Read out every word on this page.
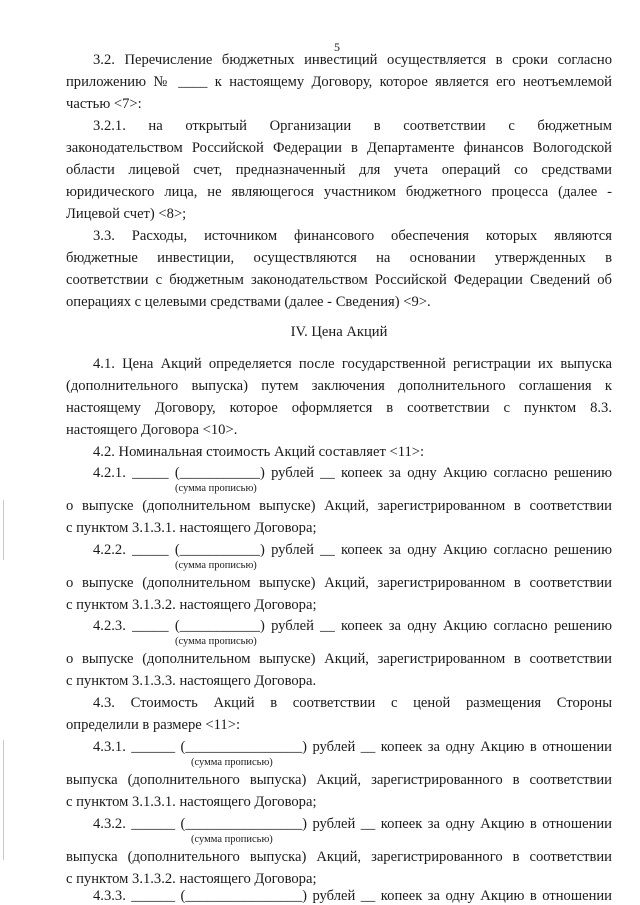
5
3.2. Перечисление бюджетных инвестиций осуществляется в сроки согласно
приложению № ____ к настоящему Договору, которое является его неотъемлемой
частью <7>:
3.2.1. на открытый Организации в соответствии с бюджетным
законодательством Российской Федерации в Департаменте финансов Вологодской
области лицевой счет, предназначенный для учета операций со средствами
юридического лица, не являющегося участником бюджетного процесса (далее -
Лицевой счет) <8>;
3.3. Расходы, источником финансового обеспечения которых являются
бюджетные инвестиции, осуществляются на основании утвержденных в
соответствии с бюджетным законодательством Российской Федерации Сведений об
операциях с целевыми средствами (далее - Сведения) <9>.
IV. Цена Акций
4.1. Цена Акций определяется после государственной регистрации их выпуска
(дополнительного выпуска) путем заключения дополнительного соглашения к
настоящему Договору, которое оформляется в соответствии с пунктом 8.3.
настоящего Договора <10>.
4.2. Номинальная стоимость Акций составляет <11>:
4.2.1. _____ (___________) рублей __ копеек за одну Акцию согласно решению
(сумма прописью)
о выпуске (дополнительном выпуске) Акций, зарегистрированном в соответствии
с пунктом 3.1.3.1. настоящего Договора;
4.2.2. _____ (___________) рублей __ копеек за одну Акцию согласно решению
(сумма прописью)
о выпуске (дополнительном выпуске) Акций, зарегистрированном в соответствии
с пунктом 3.1.3.2. настоящего Договора;
4.2.3. _____ (___________) рублей __ копеек за одну Акцию согласно решению
(сумма прописью)
о выпуске (дополнительном выпуске) Акций, зарегистрированном в соответствии
с пунктом 3.1.3.3. настоящего Договора.
4.3. Стоимость Акций в соответствии с ценой размещения Стороны
определили в размере <11>:
4.3.1. ______ (________________) рублей __ копеек за одну Акцию в отношении
(сумма прописью)
выпуска (дополнительного выпуска) Акций, зарегистрированного в соответствии
с пунктом 3.1.3.1. настоящего Договора;
4.3.2. ______ (________________) рублей __ копеек за одну Акцию в отношении
(сумма прописью)
выпуска (дополнительного выпуска) Акций, зарегистрированного в соответствии
с пунктом 3.1.3.2. настоящего Договора;
4.3.3. ______ (________________) рублей __ копеек за одну Акцию в отношении
